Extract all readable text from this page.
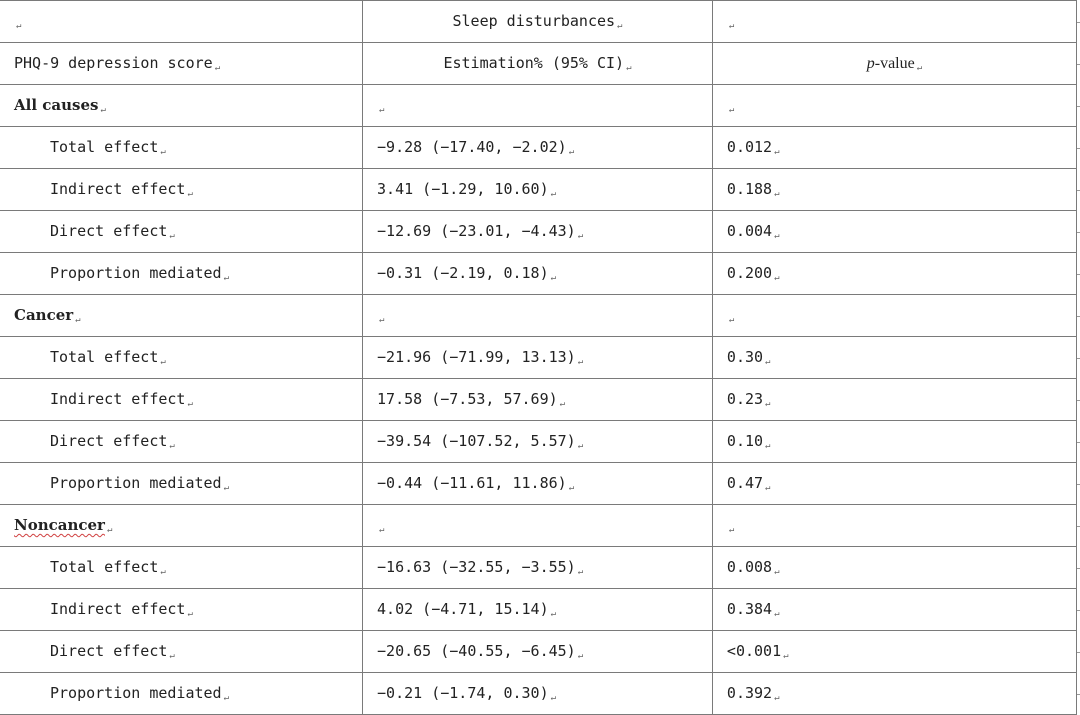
↵	Sleep disturbances ↵	↵
PHQ-9 depression score ↵	Estimation% (95% CI) ↵	p-value ↵
All causes ↵	↵	↵
Total effect ↵	−9.28 (−17.40, −2.02) ↵	0.012 ↵
Indirect effect ↵	3.41 (−1.29, 10.60) ↵	0.188 ↵
Direct effect ↵	−12.69 (−23.01, −4.43) ↵	0.004 ↵
Proportion mediated ↵	−0.31 (−2.19, 0.18) ↵	0.200 ↵
Cancer ↵	↵	↵
Total effect ↵	−21.96 (−71.99, 13.13) ↵	0.30 ↵
Indirect effect ↵	17.58 (−7.53, 57.69) ↵	0.23 ↵
Direct effect ↵	−39.54 (−107.52, 5.57) ↵	0.10 ↵
Proportion mediated ↵	−0.44 (−11.61, 11.86) ↵	0.47 ↵
Noncancer ↵	↵	↵
Total effect ↵	−16.63 (−32.55, −3.55) ↵	0.008 ↵
Indirect effect ↵	4.02 (−4.71, 15.14) ↵	0.384 ↵
Direct effect ↵	−20.65 (−40.55, −6.45) ↵	<0.001 ↵
Proportion mediated ↵	−0.21 (−1.74, 0.30) ↵	0.392 ↵
